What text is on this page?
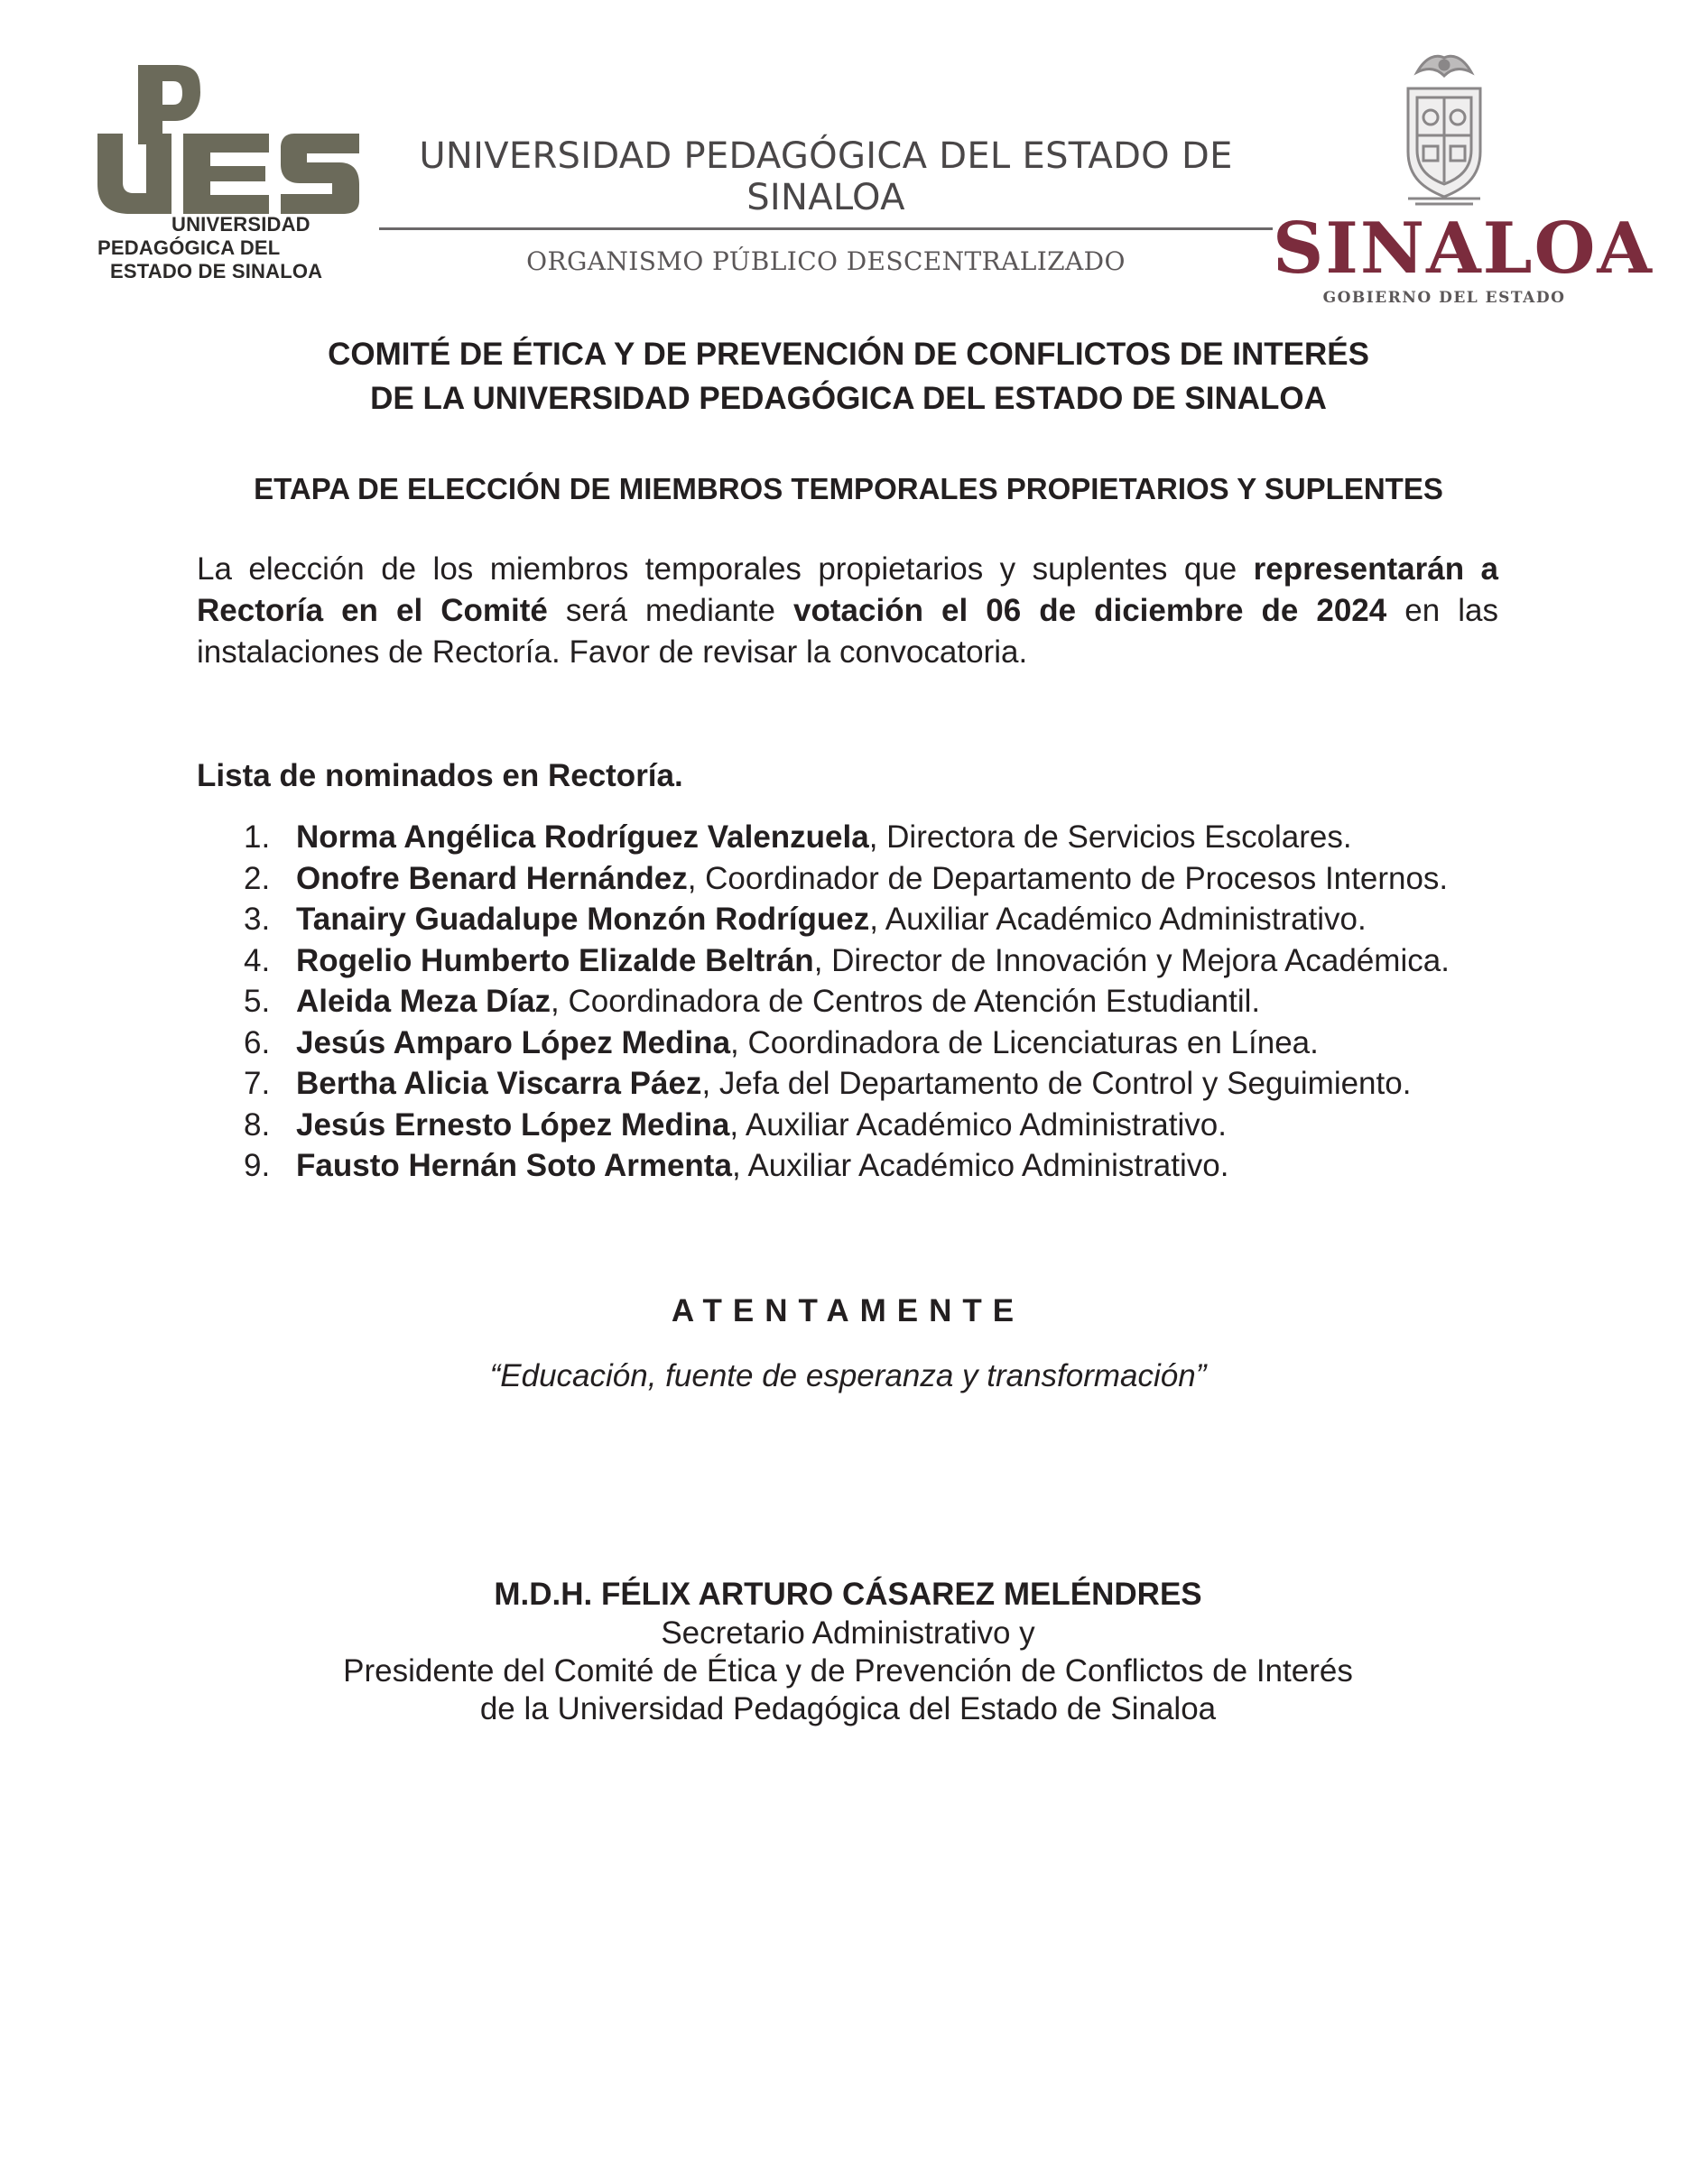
UNIVERSIDAD
PEDAGÓGICA DEL
ESTADO DE SINALOA
UNIVERSIDAD PEDAGÓGICA DEL ESTADO DE SINALOA
ORGANISMO PÚBLICO DESCENTRALIZADO	SINALOA
GOBIERNO DEL ESTADO
COMITÉ DE ÉTICA Y DE PREVENCIÓN DE CONFLICTOS DE INTERÉS
DE LA UNIVERSIDAD PEDAGÓGICA DEL ESTADO DE SINALOA
ETAPA DE ELECCIÓN DE MIEMBROS TEMPORALES PROPIETARIOS Y SUPLENTES
La elección de los miembros temporales propietarios y suplentes que representarán a Rectoría en el Comité será mediante votación el 06 de diciembre de 2024 en las instalaciones de Rectoría. Favor de revisar la convocatoria.
Lista de nominados en Rectoría.
1. Norma Angélica Rodríguez Valenzuela, Directora de Servicios Escolares.
2. Onofre Benard Hernández, Coordinador de Departamento de Procesos Internos.
3. Tanairy Guadalupe Monzón Rodríguez, Auxiliar Académico Administrativo.
4. Rogelio Humberto Elizalde Beltrán, Director de Innovación y Mejora Académica.
5. Aleida Meza Díaz, Coordinadora de Centros de Atención Estudiantil.
6. Jesús Amparo López Medina, Coordinadora de Licenciaturas en Línea.
7. Bertha Alicia Viscarra Páez, Jefa del Departamento de Control y Seguimiento.
8. Jesús Ernesto López Medina, Auxiliar Académico Administrativo.
9. Fausto Hernán Soto Armenta, Auxiliar Académico Administrativo.
ATENTAMENTE
“Educación, fuente de esperanza y transformación”
M.D.H. FÉLIX ARTURO CÁSAREZ MELÉNDRES
Secretario Administrativo y
Presidente del Comité de Ética y de Prevención de Conflictos de Interés
de la Universidad Pedagógica del Estado de Sinaloa
